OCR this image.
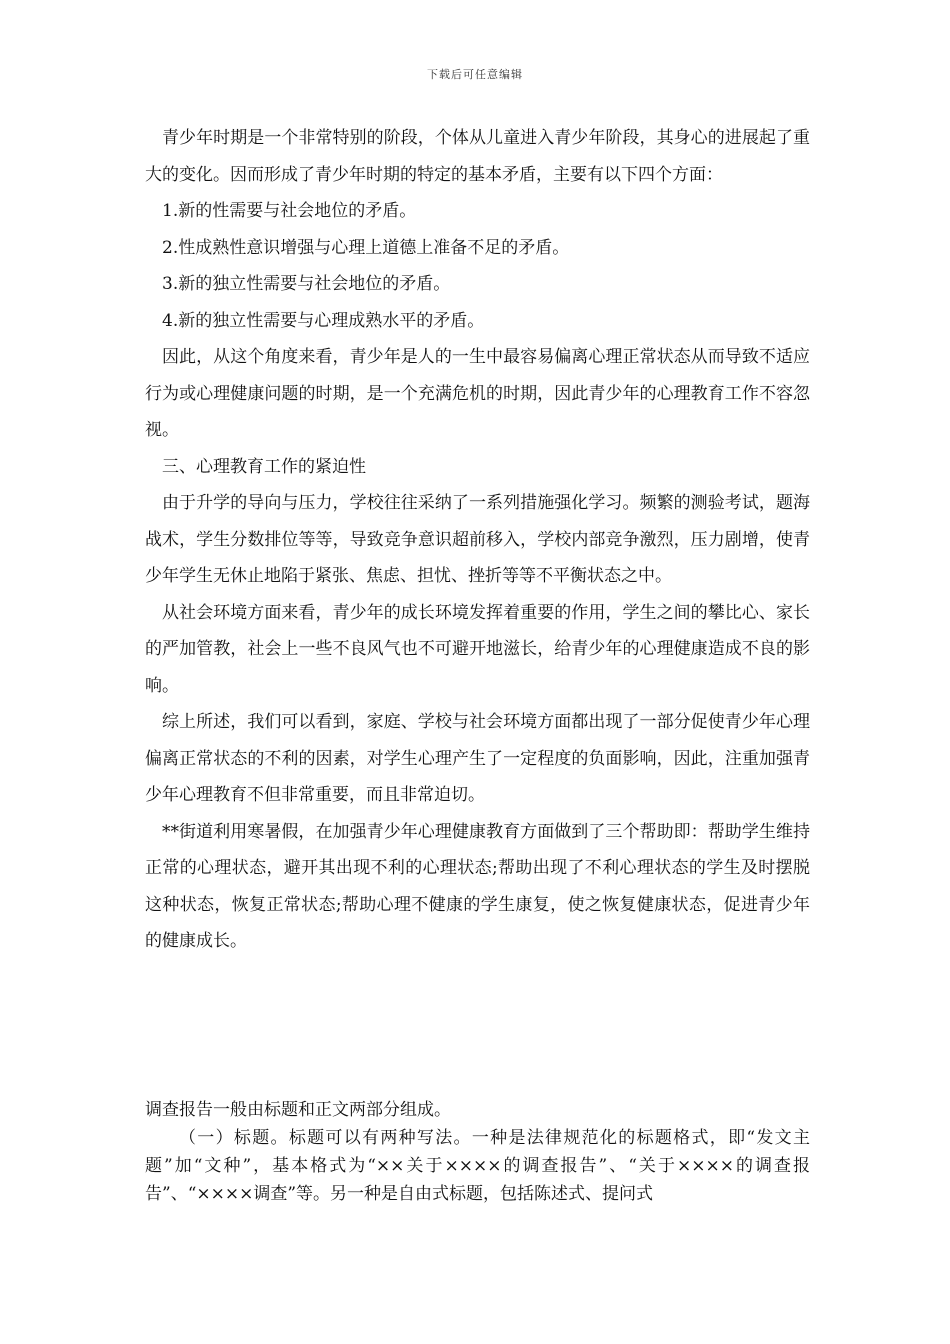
下载后可任意编辑

青少年时期是一个非常特别的阶段，个体从儿童进入青少年阶段，其身心的进展起了重大的变化。因而形成了青少年时期的特定的基本矛盾，主要有以下四个方面：

1.新的性需要与社会地位的矛盾。

2.性成熟性意识增强与心理上道德上准备不足的矛盾。

3.新的独立性需要与社会地位的矛盾。

4.新的独立性需要与心理成熟水平的矛盾。

因此，从这个角度来看，青少年是人的一生中最容易偏离心理正常状态从而导致不适应行为或心理健康问题的时期，是一个充满危机的时期，因此青少年的心理教育工作不容忽视。

三、心理教育工作的紧迫性

由于升学的导向与压力，学校往往采纳了一系列措施强化学习。频繁的测验考试，题海战术，学生分数排位等等，导致竞争意识超前移入，学校内部竞争激烈，压力剧增，使青少年学生无休止地陷于紧张、焦虑、担忧、挫折等等不平衡状态之中。

从社会环境方面来看，青少年的成长环境发挥着重要的作用，学生之间的攀比心、家长的严加管教，社会上一些不良风气也不可避开地滋长，给青少年的心理健康造成不良的影响。

综上所述，我们可以看到，家庭、学校与社会环境方面都出现了一部分促使青少年心理偏离正常状态的不利的因素，对学生心理产生了一定程度的负面影响，因此，注重加强青少年心理教育不但非常重要，而且非常迫切。

**街道利用寒暑假，在加强青少年心理健康教育方面做到了三个帮助即：帮助学生维持正常的心理状态，避开其出现不利的心理状态;帮助出现了不利心理状态的学生及时摆脱这种状态，恢复正常状态;帮助心理不健康的学生康复，使之恢复健康状态，促进青少年的健康成长。

调查报告一般由标题和正文两部分组成。

（一）标题。标题可以有两种写法。一种是法律规范化的标题格式，即“发文主题”加“文种”，基本格式为“××关于××××的调查报告”、“关于××××的调查报告”、“××××调查”等。另一种是自由式标题，包括陈述式、提问式
